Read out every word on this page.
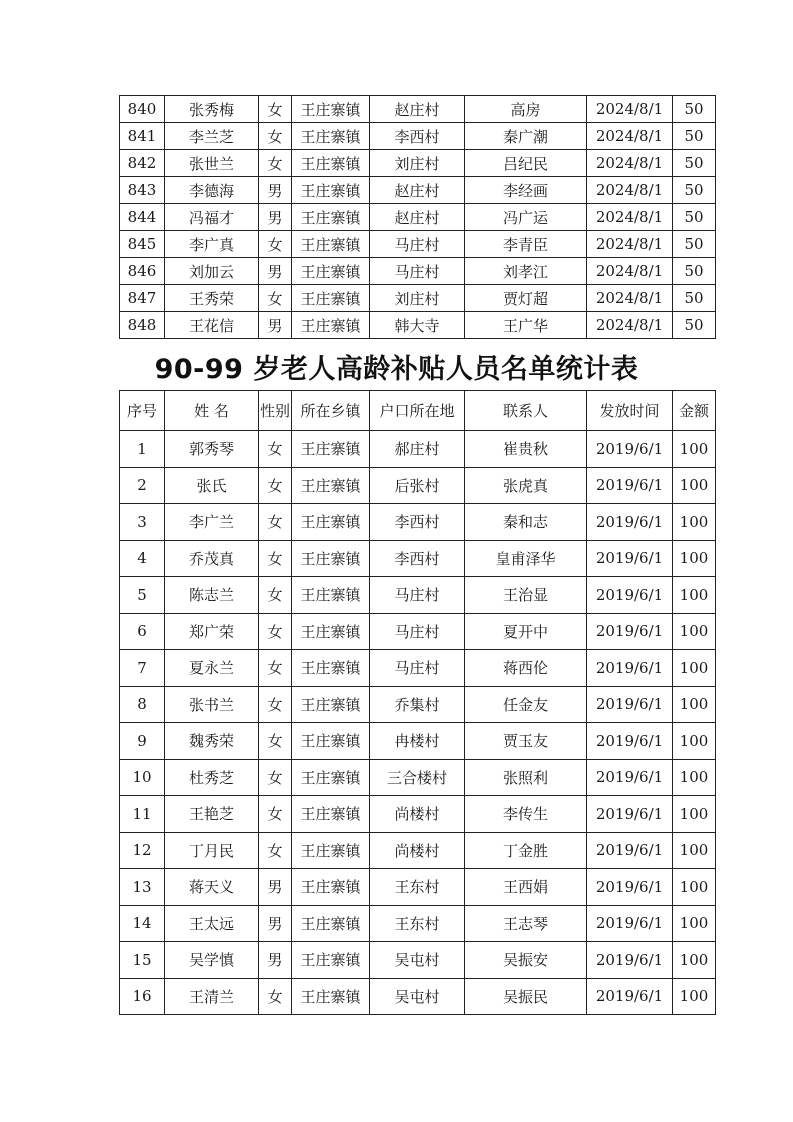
840	张秀梅	女	王庄寨镇	赵庄村	高房	2024/8/1	50
841	李兰芝	女	王庄寨镇	李西村	秦广潮	2024/8/1	50
842	张世兰	女	王庄寨镇	刘庄村	吕纪民	2024/8/1	50
843	李德海	男	王庄寨镇	赵庄村	李经画	2024/8/1	50
844	冯福才	男	王庄寨镇	赵庄村	冯广运	2024/8/1	50
845	李广真	女	王庄寨镇	马庄村	李青臣	2024/8/1	50
846	刘加云	男	王庄寨镇	马庄村	刘孝江	2024/8/1	50
847	王秀荣	女	王庄寨镇	刘庄村	贾灯超	2024/8/1	50
848	王花信	男	王庄寨镇	韩大寺	王广华	2024/8/1	50
90-99 岁老人高龄补贴人员名单统计表
序号	姓 名	性别	所在乡镇	户口所在地	联系人	发放时间	金额
1	郭秀琴	女	王庄寨镇	郝庄村	崔贵秋	2019/6/1	100
2	张氏	女	王庄寨镇	后张村	张虎真	2019/6/1	100
3	李广兰	女	王庄寨镇	李西村	秦和志	2019/6/1	100
4	乔茂真	女	王庄寨镇	李西村	皇甫泽华	2019/6/1	100
5	陈志兰	女	王庄寨镇	马庄村	王治显	2019/6/1	100
6	郑广荣	女	王庄寨镇	马庄村	夏开中	2019/6/1	100
7	夏永兰	女	王庄寨镇	马庄村	蒋西伦	2019/6/1	100
8	张书兰	女	王庄寨镇	乔集村	任金友	2019/6/1	100
9	魏秀荣	女	王庄寨镇	冉楼村	贾玉友	2019/6/1	100
10	杜秀芝	女	王庄寨镇	三合楼村	张照利	2019/6/1	100
11	王艳芝	女	王庄寨镇	尚楼村	李传生	2019/6/1	100
12	丁月民	女	王庄寨镇	尚楼村	丁金胜	2019/6/1	100
13	蒋天义	男	王庄寨镇	王东村	王西娟	2019/6/1	100
14	王太远	男	王庄寨镇	王东村	王志琴	2019/6/1	100
15	吴学慎	男	王庄寨镇	吴屯村	吴振安	2019/6/1	100
16	王清兰	女	王庄寨镇	吴屯村	吴振民	2019/6/1	100
